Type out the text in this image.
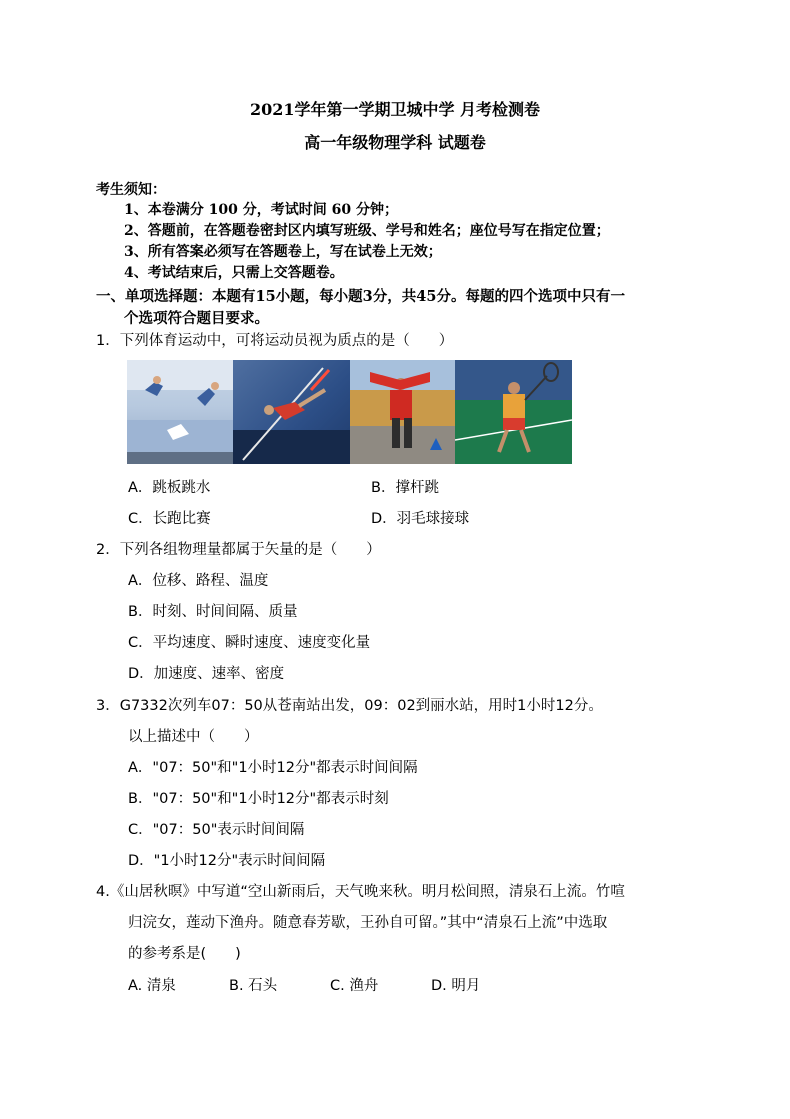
2021学年第一学期卫城中学 月考检测卷
高一年级物理学科 试题卷
考生须知：
1、本卷满分 100 分，考试时间 60 分钟；
2、答题前，在答题卷密封区内填写班级、学号和姓名；座位号写在指定位置；
3、所有答案必须写在答题卷上，写在试卷上无效；
4、考试结束后，只需上交答题卷。
一、单项选择题：本题有15小题，每小题3分，共45分。每题的四个选项中只有一
个选项符合题目要求。
1．下列体育运动中，可将运动员视为质点的是（　　）
A．跳板跳水	B．撑杆跳
C．长跑比赛	D．羽毛球接球
2．下列各组物理量都属于矢量的是（　　）
A．位移、路程、温度
B．时刻、时间间隔、质量
C．平均速度、瞬时速度、速度变化量
D．加速度、速率、密度
3．G7332次列车07：50从苍南站出发，09：02到丽水站，用时1小时12分。
以上描述中（　　）
A．"07：50"和"1小时12分"都表示时间间隔
B．"07：50"和"1小时12分"都表示时刻
C．"07：50"表示时间间隔
D．"1小时12分"表示时间间隔
4.《山居秋暝》中写道“空山新雨后，天气晚来秋。明月松间照，清泉石上流。竹喧
归浣女，莲动下渔舟。随意春芳歇，王孙自可留。”其中“清泉石上流”中选取
的参考系是(　　)
A. 清泉	B. 石头	C. 渔舟	D. 明月
